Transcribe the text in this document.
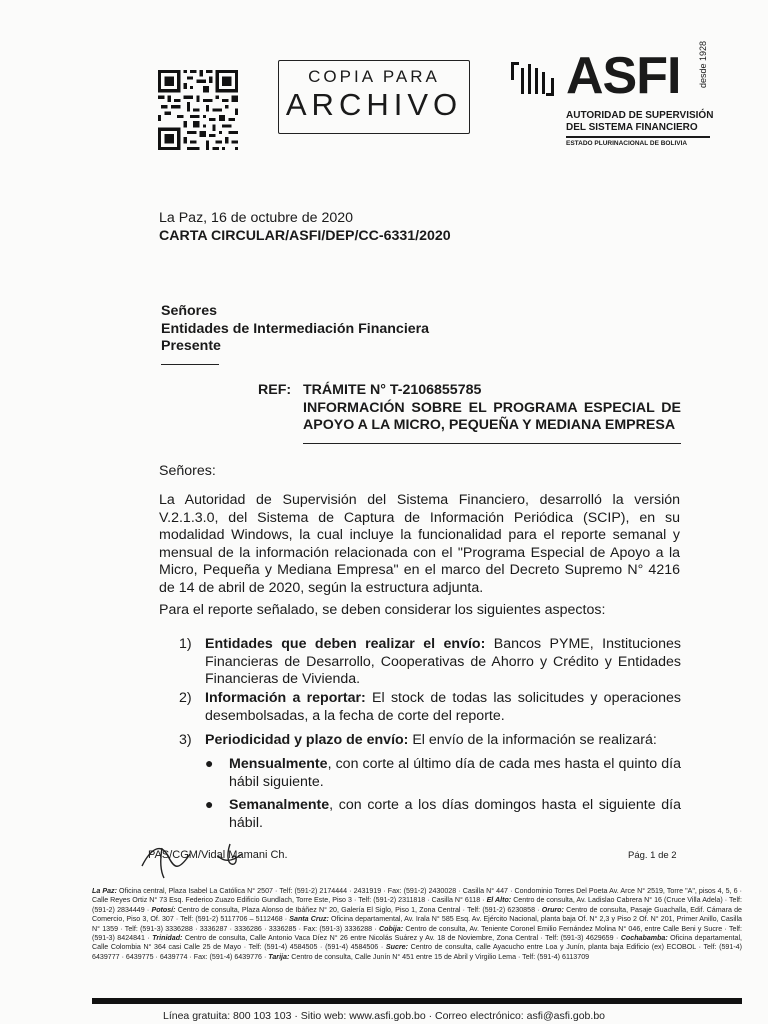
COPIA PARA
ARCHIVO ASFI desde 1928
AUTORIDAD DE SUPERVISIÓN
DEL SISTEMA FINANCIERO
ESTADO PLURINACIONAL DE BOLIVIA
La Paz, 16 de octubre de 2020
CARTA CIRCULAR/ASFI/DEP/CC-6331/2020
Señores
Entidades de Intermediación Financiera
Presente
REF: TRÁMITE N° T-2106855785
INFORMACIÓN SOBRE EL PROGRAMA ESPECIAL DE
APOYO A LA MICRO, PEQUEÑA Y MEDIANA EMPRESA
Señores:
La Autoridad de Supervisión del Sistema Financiero, desarrolló la versión V.2.1.3.0, del Sistema de Captura de Información Periódica (SCIP), en su modalidad Windows, la cual incluye la funcionalidad para el reporte semanal y mensual de la información relacionada con el "Programa Especial de Apoyo a la Micro, Pequeña y Mediana Empresa" en el marco del Decreto Supremo N° 4216 de 14 de abril de 2020, según la estructura adjunta.
Para el reporte señalado, se deben considerar los siguientes aspectos:
1) Entidades que deben realizar el envío: Bancos PYME, Instituciones Financieras de Desarrollo, Cooperativas de Ahorro y Crédito y Entidades Financieras de Vivienda.
2) Información a reportar: El stock de todas las solicitudes y operaciones desembolsadas, a la fecha de corte del reporte.
3) Periodicidad y plazo de envío: El envío de la información se realizará:
● Mensualmente, con corte al último día de cada mes hasta el quinto día hábil siguiente.
● Semanalmente, con corte a los días domingos hasta el siguiente día hábil.
PAS/CGM/Vidal Mamani Ch.	Pág. 1 de 2
La Paz: Oficina central, Plaza Isabel La Católica N° 2507 · Telf: (591-2) 2174444 · 2431919 · Fax: (591-2) 2430028 · Casilla N° 447 · Condominio Torres Del Poeta Av. Arce N° 2519, Torre "A", pisos 4, 5, 6 · Calle Reyes Ortiz N° 73 Esq. Federico Zuazo Edificio Gundlach, Torre Este, Piso 3 · Telf: (591-2) 2311818 · Casilla N° 6118 · El Alto: Centro de consulta, Av. Ladislao Cabrera N° 16 (Cruce Villa Adela) · Telf: (591-2) 2834449 · Potosí: Centro de consulta, Plaza Alonso de Ibáñez N° 20, Galería El Siglo, Piso 1, Zona Central · Telf: (591-2) 6230858 · Oruro: Centro de consulta, Pasaje Guachalla, Edif. Cámara de Comercio, Piso 3, Of. 307 · Telf: (591-2) 5117706 – 5112468 · Santa Cruz: Oficina departamental, Av. Irala N° 585 Esq. Av. Ejército Nacional, planta baja Of. N° 2,3 y Piso 2 Of. N° 201, Primer Anillo, Casilla N° 1359 · Telf: (591-3) 3336288 · 3336287 · 3336286 · 3336285 · Fax: (591-3) 3336288 · Cobija: Centro de consulta, Av. Teniente Coronel Emilio Fernández Molina N° 046, entre Calle Beni y Sucre · Telf: (591-3) 8424841 · Trinidad: Centro de consulta, Calle Antonio Vaca Díez N° 26 entre Nicolás Suárez y Av. 18 de Noviembre, Zona Central · Telf: (591-3) 4629659 · Cochabamba: Oficina departamental, Calle Colombia N° 364 casi Calle 25 de Mayo · Telf: (591-4) 4584505 · (591-4) 4584506 · Sucre: Centro de consulta, calle Ayacucho entre Loa y Junín, planta baja Edificio (ex) ECOBOL · Telf: (591-4) 6439777 · 6439775 · 6439774 · Fax: (591-4) 6439776 · Tarija: Centro de consulta, Calle Junín N° 451 entre 15 de Abril y Virgilio Lema · Telf: (591-4) 6113709
Línea gratuita: 800 103 103 · Sitio web: www.asfi.gob.bo · Correo electrónico: asfi@asfi.gob.bo
